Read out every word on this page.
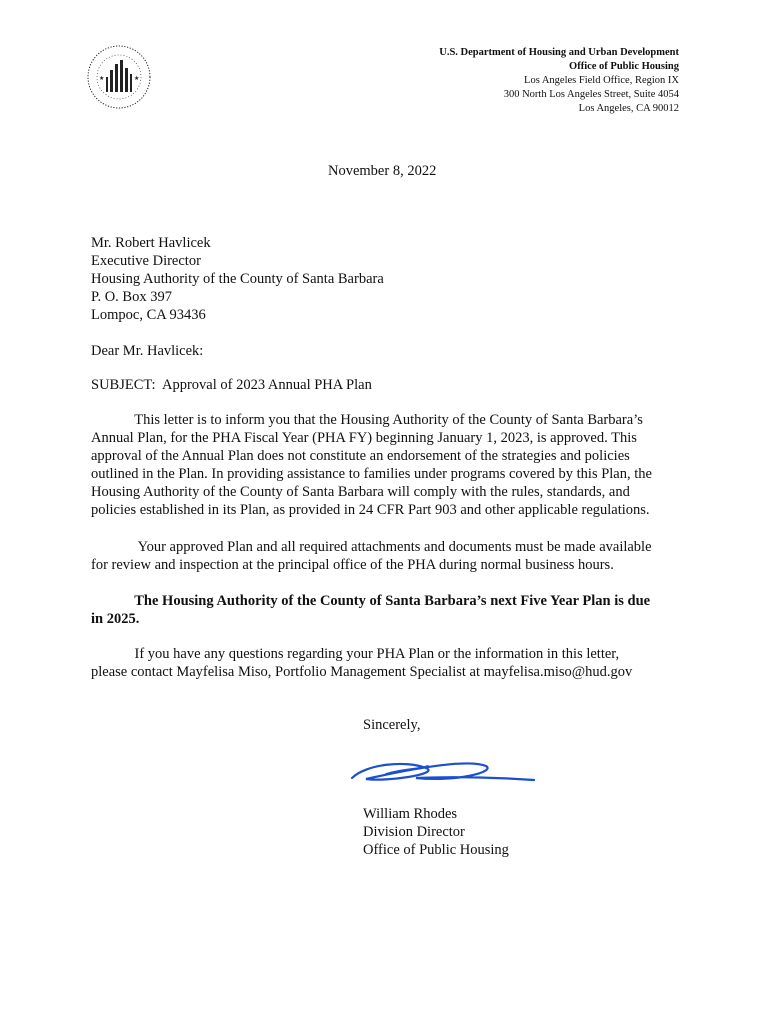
★	★
U.S. Department of Housing and Urban Development
Office of Public Housing
Los Angeles Field Office, Region IX
300 North Los Angeles Street, Suite 4054
Los Angeles, CA 90012
November 8, 2022
Mr. Robert Havlicek
Executive Director
Housing Authority of the County of Santa Barbara
P. O. Box 397
Lompoc, CA 93436
Dear Mr. Havlicek:
SUBJECT:  Approval of 2023 Annual PHA Plan
This letter is to inform you that the Housing Authority of the County of Santa Barbara’s
Annual Plan, for the PHA Fiscal Year (PHA FY) beginning January 1, 2023, is approved. This
approval of the Annual Plan does not constitute an endorsement of the strategies and policies
outlined in the Plan. In providing assistance to families under programs covered by this Plan, the
Housing Authority of the County of Santa Barbara will comply with the rules, standards, and
policies established in its Plan, as provided in 24 CFR Part 903 and other applicable regulations.
Your approved Plan and all required attachments and documents must be made available
for review and inspection at the principal office of the PHA during normal business hours.
The Housing Authority of the County of Santa Barbara’s next Five Year Plan is due
in 2025.
If you have any questions regarding your PHA Plan or the information in this letter,
please contact Mayfelisa Miso, Portfolio Management Specialist at mayfelisa.miso@hud.gov
Sincerely,
William Rhodes
Division Director
Office of Public Housing
